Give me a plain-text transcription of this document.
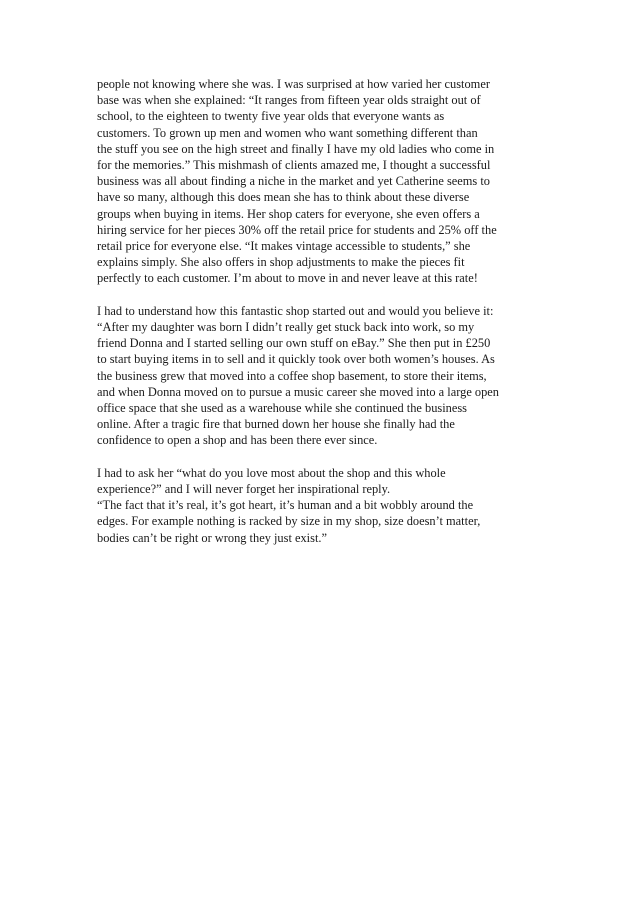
people not knowing where she was. I was surprised at how varied her customer
base was when she explained: “It ranges from fifteen year olds straight out of
school, to the eighteen to twenty five year olds that everyone wants as
customers. To grown up men and women who want something different than
the stuff you see on the high street and finally I have my old ladies who come in
for the memories.” This mishmash of clients amazed me, I thought a successful
business was all about finding a niche in the market and yet Catherine seems to
have so many, although this does mean she has to think about these diverse
groups when buying in items. Her shop caters for everyone, she even offers a
hiring service for her pieces 30% off the retail price for students and 25% off the
retail price for everyone else. “It makes vintage accessible to students,” she
explains simply. She also offers in shop adjustments to make the pieces fit
perfectly to each customer. I’m about to move in and never leave at this rate!

I had to understand how this fantastic shop started out and would you believe it:
“After my daughter was born I didn’t really get stuck back into work, so my
friend Donna and I started selling our own stuff on eBay.” She then put in £250
to start buying items in to sell and it quickly took over both women’s houses. As
the business grew that moved into a coffee shop basement, to store their items,
and when Donna moved on to pursue a music career she moved into a large open
office space that she used as a warehouse while she continued the business
online. After a tragic fire that burned down her house she finally had the
confidence to open a shop and has been there ever since.

I had to ask her “what do you love most about the shop and this whole
experience?” and I will never forget her inspirational reply.
“The fact that it’s real, it’s got heart, it’s human and a bit wobbly around the
edges. For example nothing is racked by size in my shop, size doesn’t matter,
bodies can’t be right or wrong they just exist.”
